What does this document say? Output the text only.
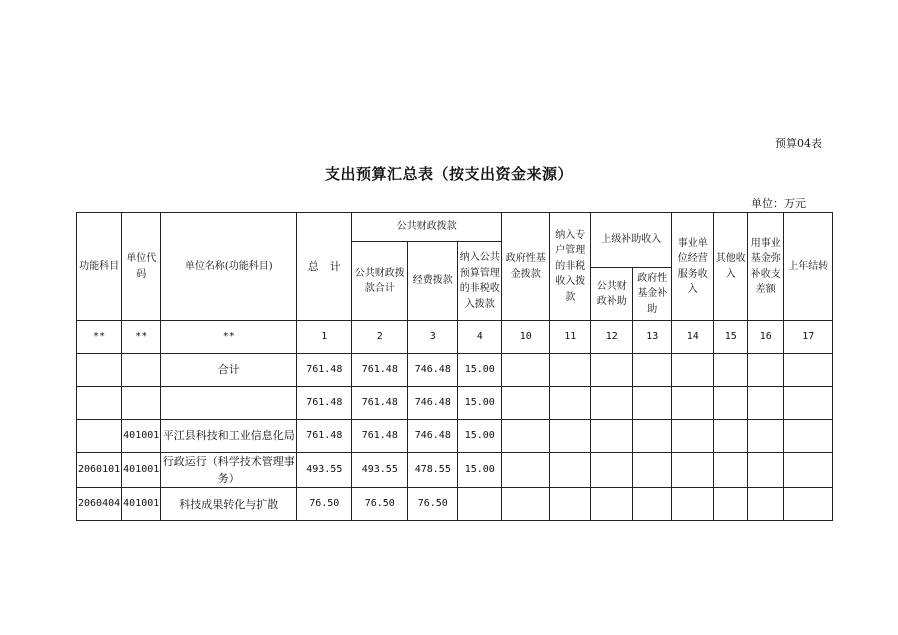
预算04表
支出预算汇总表（按支出资金来源）
单位：万元
功能科目	单位代码	单位名称(功能科目)	总　计	公共财政拨款			政府性基金拨款	纳入专户管理的非税收入拨款	上级补助收入		事业单位经营服务收入	其他收入	用事业基金弥补收支差额	上年结转
				公共财政拨款合计	经费拨款	纳入公共预算管理的非税收入拨款								
									公共财政补助	政府性基金补助				
**	**	**	1	2	3	4	10	11	12	13	14	15	16	17
		合计	761.48	761.48	746.48	15.00								
			761.48	761.48	746.48	15.00								
	401001	平江县科技和工业信息化局	761.48	761.48	746.48	15.00								
2060101	401001	行政运行（科学技术管理事务）	493.55	493.55	478.55	15.00								
2060404	401001	科技成果转化与扩散	76.50	76.50	76.50									
